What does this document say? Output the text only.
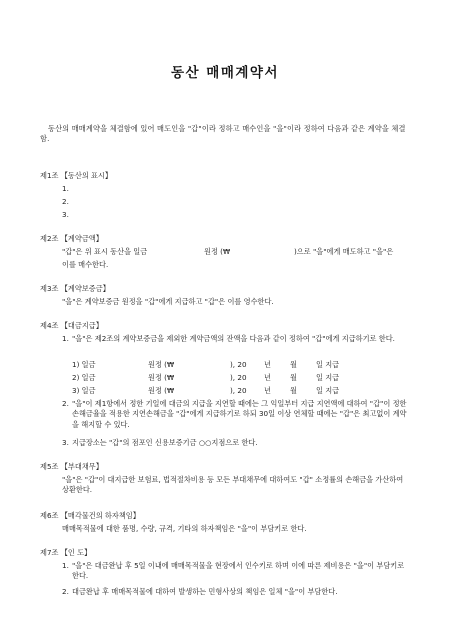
동산 매매계약서
동산의 매매계약을 체결함에 있어 매도인을 "갑"이라 정하고 매수인을 "을"이라 정하여 다음과 같은 계약을 체결함.
제1조 【동산의 표시】
1.
2.
3.
제2조 【계약금액】
"갑"은 위 표시 동산을 일금	원정 (₩	)으로 "을"에게 매도하고 "을"은
이를 매수한다.
제3조 【계약보증금】
"을"은 계약보증금 원정을 "갑"에게 지급하고 "갑"은 이를 영수한다.
제4조 【대금지급】
1. "을"은 제2조의 계약보증금을 제외한 계약금액의 잔액을 다음과 같이 정하여 "갑"에게 지급하기로 한다.
1) 일금	원정 (₩	), 20 년	월	일 지급
2) 일금	원정 (₩	), 20 년	월	일 지급
3) 일금	원정 (₩	), 20 년	월	일 지급
2. "을"이 제1항에서 정한 기일에 대금의 지급을 지연할 때에는 그 익일부터 지급 지연액에 대하여 "갑"이 정한 손해금율을 적용한 지연손해금을 "갑"에게 지급하기로 하되 30일 이상 연체할 때에는 "갑"은 최고없이 계약을 해지할 수 있다.
3. 지급장소는 "갑"의 점포인 신용보증기금 ○○지점으로 한다.
제5조 【부대채무】
"을"은 "갑"이 대지급한 보험료, 법적절차비용 등 모든 부대채무에 대하여도 "갑" 소정률의 손해금을 가산하여 상환한다.
제6조 【매각물건의 하자책임】
매매목적물에 대한 품명, 수량, 규격, 기타의 하자책임은 "을"이 부담키로 한다.
제7조 【인 도】
1. "을"은 대금완납 후 5일 이내에 매매목적물을 현장에서 인수키로 하며 이에 따른 제비용은 "을"이 부담키로 한다.
2. 대금완납 후 매매목적물에 대하여 발생하는 민형사상의 책임은 일체 "을"이 부담한다.
